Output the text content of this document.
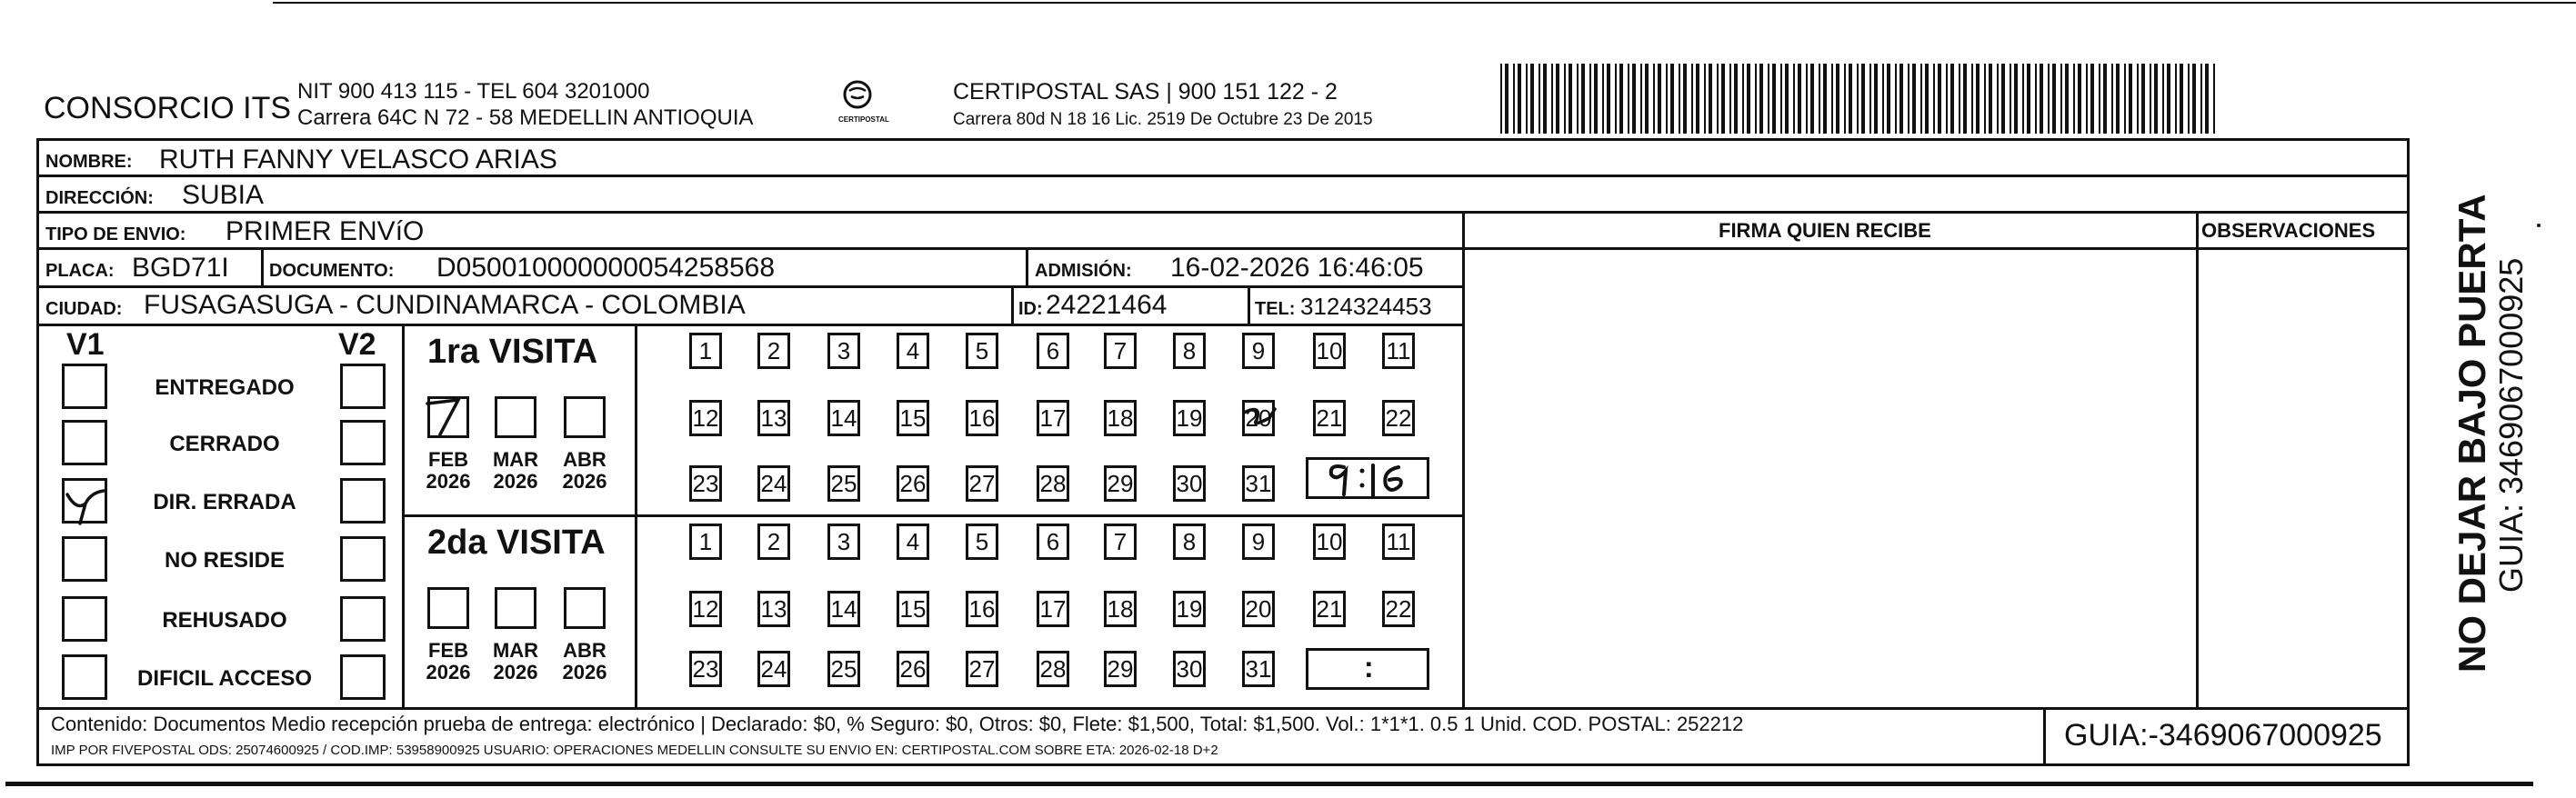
CONSORCIO ITS NIT 900 413 115 - TEL 604 3201000
Carrera 64C N 72 - 58 MEDELLIN ANTIOQUIA	CERTIPOSTAL
CERTIPOSTAL SAS | 900 151 122 - 2
Carrera 80d N 18 16 Lic. 2519 De Octubre 23 De 2015
NOMBRE: RUTH FANNY VELASCO ARIAS
DIRECCIÓN: SUBIA
TIPO DE ENVIO: PRIMER ENVíO
PLACA: BGD71I DOCUMENTO: D050010000000054258568	ADMISIÓN: 16-02-2026 16:46:05
CIUDAD: FUSAGASUGA - CUNDINAMARCA - COLOMBIA	ID: 24221464	TEL: 3124324453
FIRMA QUIEN RECIBE	OBSERVACIONES
V1	V2
ENTREGADO
CERRADO
DIR. ERRADA
NO RESIDE
REHUSADO
DIFICIL ACCESO
1ra VISITA
2da VISITA
FEB
2026
MAR
2026
ABR
2026
FEB
2026
MAR
2026
ABR
2026
1	2	3	4	5	6	7	8	9	10 11
12 13 14 15 16 17 18 19 20 21 22
23 24 25 26 27 28 29 30 31
1	2	3	4	5	6	7	8	9	10 11
12 13 14 15 16 17 18 19 20 21 22
23 24 25 26 27 28 29 30 31	:
Contenido: Documentos Medio recepción prueba de entrega: electrónico | Declarado: $0, % Seguro: $0, Otros: $0, Flete: $1,500, Total: $1,500. Vol.: 1*1*1. 0.5 1 Unid. COD. POSTAL: 252212
IMP POR FIVEPOSTAL ODS: 25074600925 / COD.IMP: 53958900925 USUARIO: OPERACIONES MEDELLIN CONSULTE SU ENVIO EN: CERTIPOSTAL.COM SOBRE ETA: 2026-02-18 D+2	GUIA:-3469067000925
NO DEJAR BAJO PUERTA GUIA: 3469067000925
